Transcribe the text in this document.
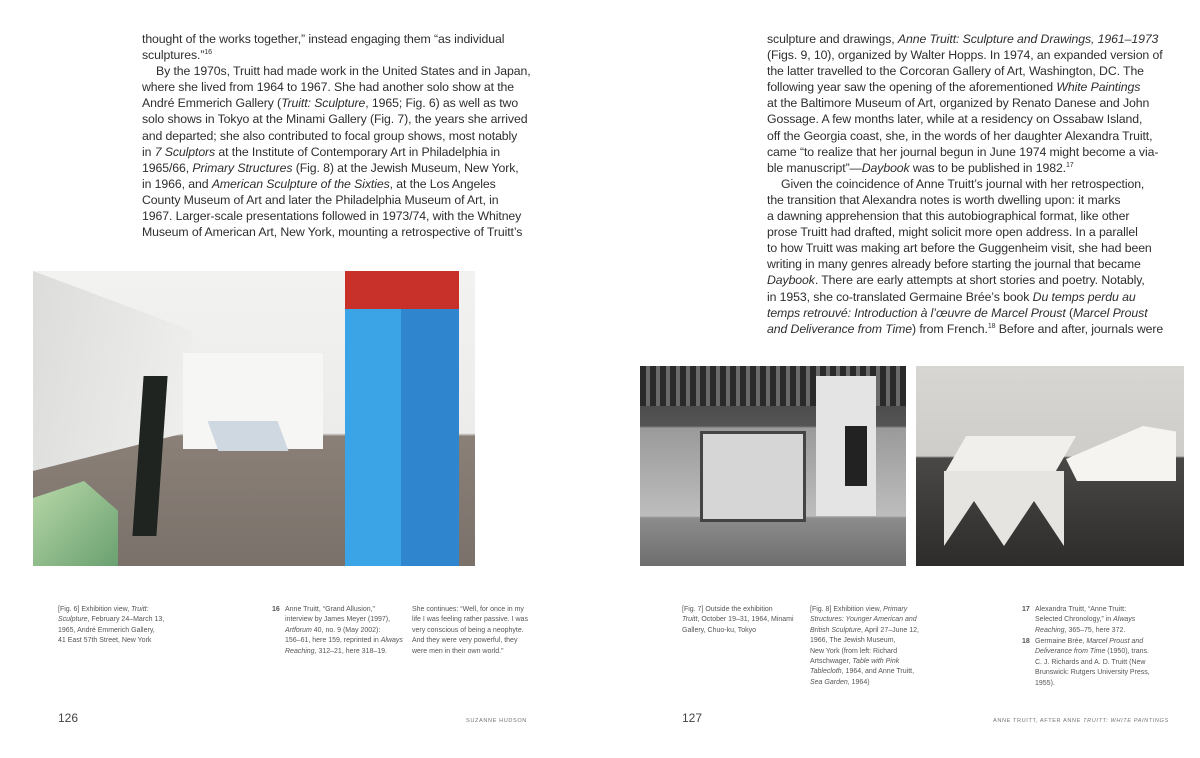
thought of the works together,” instead engaging them “as individual
sculptures.”$^{16}$
By the 1970s, Truitt had made work in the United States and in Japan,
where she lived from 1964 to 1967. She had another solo show at the
André Emmerich Gallery (Truitt: Sculpture, 1965; Fig. 6) as well as two
solo shows in Tokyo at the Minami Gallery (Fig. 7), the years she arrived
and departed; she also contributed to focal group shows, most notably
in 7 Sculptors at the Institute of Contemporary Art in Philadelphia in
1965/66, Primary Structures (Fig. 8) at the Jewish Museum, New York,
in 1966, and American Sculpture of the Sixties, at the Los Angeles
County Museum of Art and later the Philadelphia Museum of Art, in
1967. Larger-scale presentations followed in 1973/74, with the Whitney
Museum of American Art, New York, mounting a retrospective of Truitt’s
[Fig. 6] Exhibition view, Truitt:
Sculpture, February 24–March 13,
1965, André Emmerich Gallery,
41 East 57th Street, New York
16 Anne Truitt, “Grand Allusion,”
interview by James Meyer (1997),
Artforum 40, no. 9 (May 2002):
156–61, here 159, reprinted in Always
Reaching, 312–21, here 318–19.
She continues: “Well, for once in my
life I was feeling rather passive. I was
very conscious of being a neophyte.
And they were very powerful, they
were men in their own world.”
126	SUZANNE HUDSON
sculpture and drawings, Anne Truitt: Sculpture and Drawings, 1961–1973
(Figs. 9, 10), organized by Walter Hopps. In 1974, an expanded version of
the latter travelled to the Corcoran Gallery of Art, Washington, DC. The
following year saw the opening of the aforementioned White Paintings
at the Baltimore Museum of Art, organized by Renato Danese and John
Gossage. A few months later, while at a residency on Ossabaw Island,
off the Georgia coast, she, in the words of her daughter Alexandra Truitt,
came “to realize that her journal begun in June 1974 might become a via-
ble manuscript”—Daybook was to be published in 1982.17
Given the coincidence of Anne Truitt’s journal with her retrospection,
the transition that Alexandra notes is worth dwelling upon: it marks
a dawning apprehension that this autobiographical format, like other
prose Truitt had drafted, might solicit more open address. In a parallel
to how Truitt was making art before the Guggenheim visit, she had been
writing in many genres already before starting the journal that became
Daybook. There are early attempts at short stories and poetry. Notably,
in 1953, she co-translated Germaine Brée’s book Du temps perdu au
temps retrouvé: Introduction à l’œuvre de Marcel Proust (Marcel Proust
and Deliverance from Time) from French.$^{18}$ Before and after, journals were
[Fig. 7] Outside the exhibition
Truitt, October 19–31, 1964, Minami
Gallery, Chuo-ku, Tokyo
[Fig. 8] Exhibition view, Primary
Structures: Younger American and
British Sculpture, April 27–June 12,
1966, The Jewish Museum,
New York (from left: Richard
Artschwager, Table with Pink
Tablecloth, 1964, and Anne Truitt,
Sea Garden, 1964)
17 Alexandra Truitt, “Anne Truitt:
Selected Chronology,” in Always
Reaching, 365–75, here 372.
18 Germaine Brée, Marcel Proust and
Deliverance from Time (1950), trans.
C. J. Richards and A. D. Truitt (New
Brunswick: Rutgers University Press,
1955).
127	ANNE TRUITT, AFTER ANNE TRUITT: WHITE PAINTINGS
